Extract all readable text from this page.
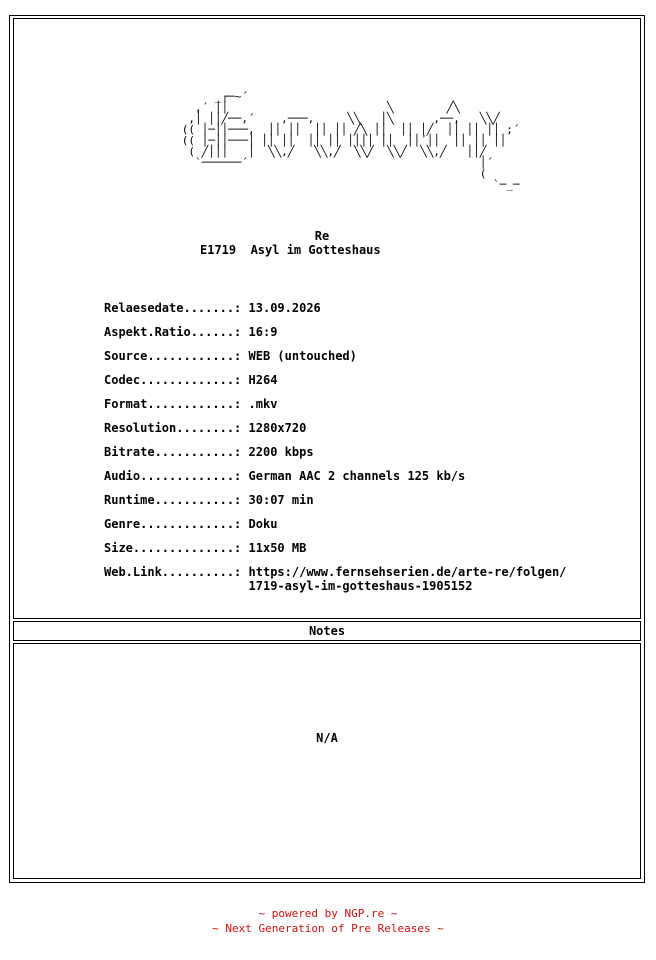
_┌─~´
,´ ││                        ╲        ╱╲
,│ ││╱──,´    ,───,     ╲╲   │╲      ,──,   ╲╲╱
(( │─││───,  ││ ││  ││ ││ ╱╲ ││  ││ │╱  ││ ││ ││ ;´
(( │─││───│ ││ ││  ││ ││ ││││ ││  ││´││  ││ ││ ││
( ╱│││   │  ╲╲,╱   ╲╲,╱  ╲╲╱  ╲╲╱  ╲╲,╱   ││╱
`──────´                                   │´
(
`─_─
Re
E1719  Asyl im Gotteshaus

Relaesedate.......: 13.09.2026

Aspekt.Ratio......: 16:9

Source............: WEB (untouched)

Codec.............: H264

Format............: .mkv

Resolution........: 1280x720

Bitrate...........: 2200 kbps

Audio.............: German AAC 2 channels 125 kb/s

Runtime...........: 30:07 min

Genre.............: Doku

Size..............: 11x50 MB

Web.Link..........:
https://www.fernsehserien.de/arte-re/folgen/
1719-asyl-im-gotteshaus-1905152

Notes
N/A
~ powered by NGP.re ~
~ Next Generation of Pre Releases ~
